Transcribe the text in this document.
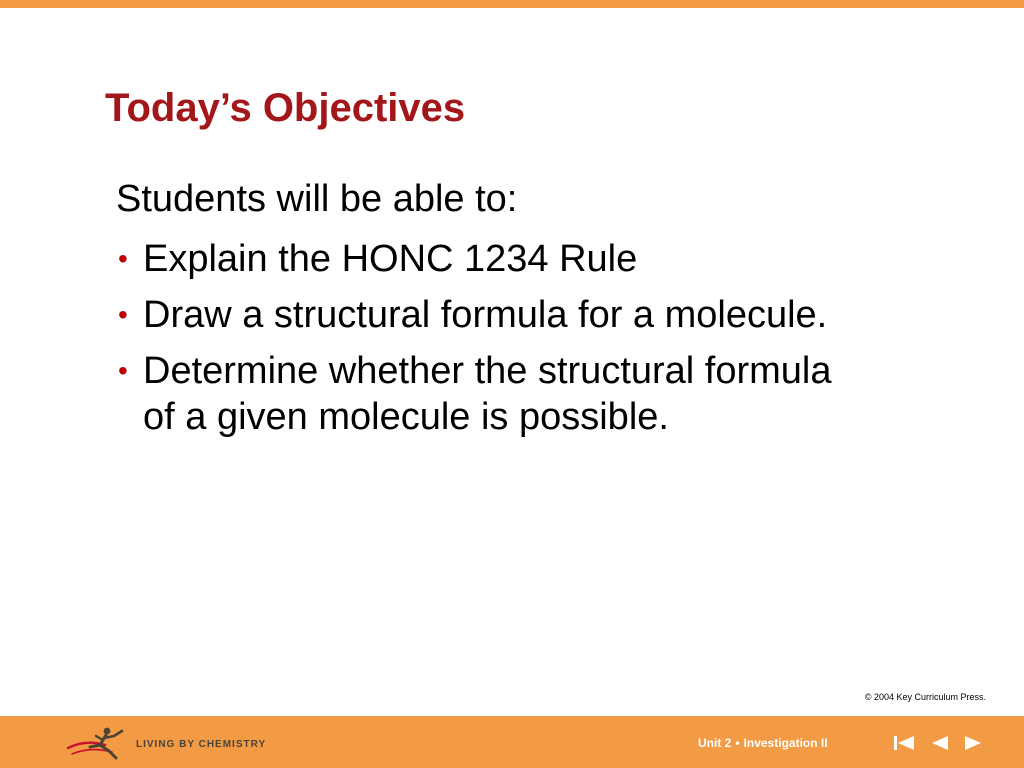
Today’s Objectives

Students will be able to:

• Explain the HONC 1234 Rule
• Draw a structural formula for a molecule.
• Determine whether the structural formula of a given molecule is possible.
© 2004 Key Curriculum Press.
LIVING BY CHEMISTRY	Unit 2 • Investigation II
